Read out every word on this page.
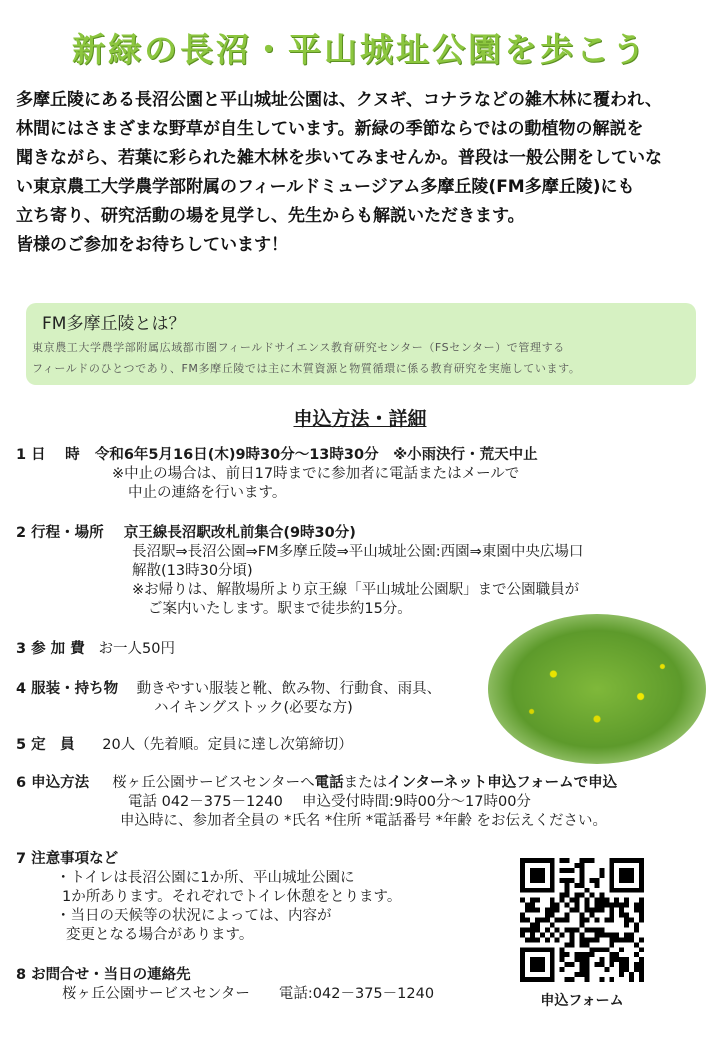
新緑の長沼・平山城址公園を歩こう
多摩丘陵にある長沼公園と平山城址公園は、クヌギ、コナラなどの雑木林に覆われ、
林間にはさまざまな野草が自生しています。新緑の季節ならではの動植物の解説を
聞きながら、若葉に彩られた雑木林を歩いてみませんか。普段は一般公開をしていな
い東京農工大学農学部附属のフィールドミュージアム多摩丘陵(FM多摩丘陵)にも
立ち寄り、研究活動の場を見学し、先生からも解説いただきます。
皆様のご参加をお待ちしています！
FM多摩丘陵とは？
東京農工大学農学部附属広域都市圏フィールドサイエンス教育研究センター（FSセンター）で管理する
フィールドのひとつであり、FM多摩丘陵では主に木質資源と物質循環に係る教育研究を実施しています。
申込方法・詳細
1 日　 時 令和6年5月16日(木)9時30分～13時30分　※小雨決行・荒天中止
※中止の場合は、前日17時までに参加者に電話またはメールで
中止の連絡を行います。
2 行程・場所 京王線長沼駅改札前集合(9時30分)
長沼駅⇒長沼公園⇒FM多摩丘陵⇒平山城址公園:西園⇒東園中央広場口
解散(13時30分頃)
※お帰りは、解散場所より京王線「平山城址公園駅」まで公園職員が
ご案内いたします。駅まで徒歩約15分。
3 参 加 費 お一人50円
4 服装・持ち物 動きやすい服装と靴、飲み物、行動食、雨具、
ハイキングストック(必要な方)
5 定　員 20人（先着順。定員に達し次第締切）
6 申込方法 桜ヶ丘公園サービスセンターへ電話またはインターネット申込フォームで申込
電話 042－375－1240　 申込受付時間:9時00分～17時00分
申込時に、参加者全員の *氏名 *住所 *電話番号 *年齢 をお伝えください。
7 注意事項など
・トイレは長沼公園に1か所、平山城址公園に
1か所あります。それぞれでトイレ休憩をとります。
・当日の天候等の状況によっては、内容が
変更となる場合があります。
8 お問合せ・当日の連絡先
桜ヶ丘公園サービスセンター　　電話:042－375－1240	申込フォーム
